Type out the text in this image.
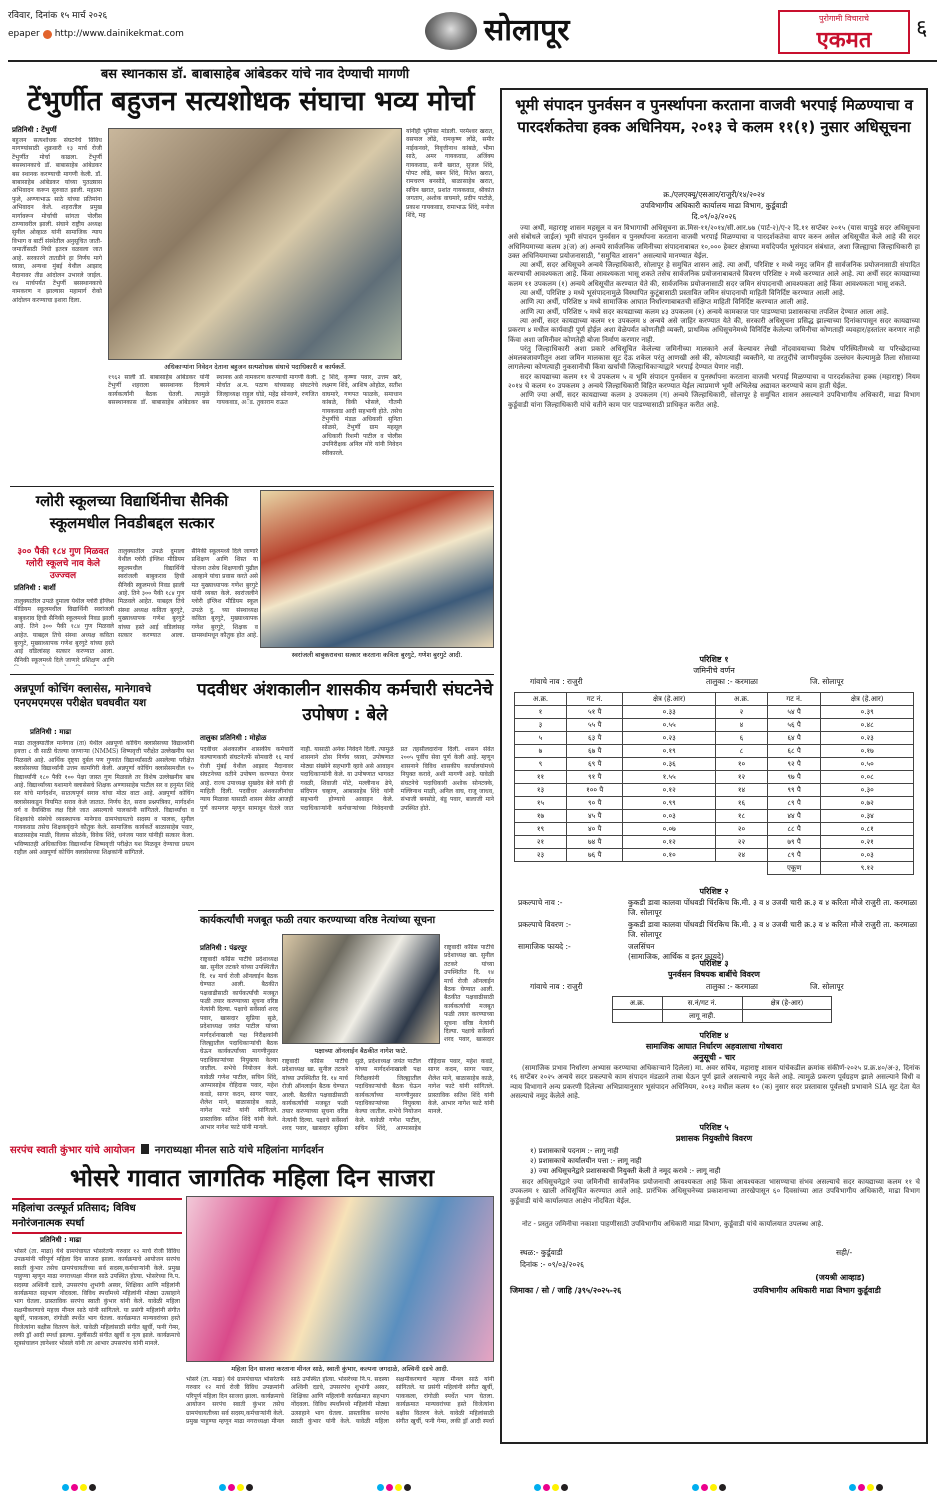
रविवार, दिनांक १५ मार्च २०२६
epaper http://www.dainikekmat.com	सोलापूर	पुरोगामी विचाराचे
एकमत	६
बस स्थानकास डॉ. बाबासाहेब आंबेडकर यांचे नाव देण्याची मागणी
टेंभुर्णीत बहुजन सत्यशोधक संघाचा भव्य मोर्चा
प्रतिनिधी : टेंभुर्णी
बहुजन सत्यशोधक संघटनेचे विविध मागण्यांसाठी शुक्रवारी १३ मार्च रोजी टेंभुर्णीत मोर्चा काढला. टेंभुर्णी बसस्थानकाचे डॉ. बाबासाहेब आंबेडकर बस स्थानक करण्याची मागणी केली. डॉ. बाबासाहेब आंबेडकर यांच्या पुतळ्यास अभिवादन करून सुरुवात झाली. महात्मा फुले, अण्णाभाऊ साठे यांच्या प्रतिमांना अभिवादन केले. शहरातील प्रमुख मार्गावरून मोर्चाची सांगता पोलीस ठाण्यावरील झाली. संघाने राष्ट्रीय अध्यक्ष सुनील ओव्हाळ यांनी सामाजिक न्याय विभाग व बार्टी संस्थेतील अनुसूचित जाती-जमातींसाठी निधी इतरत्र वळवला जात आहे. सरकारने तातडीने हा निर्णय मागे घ्यावा, अन्यथा मुंबई येथील आझाद मैदानावर तीव्र आंदोलन उभारले जाईल. १४ मार्चपर्यंत टेंभुर्णी बसस्थानकाचे नामकरण न झाल्यास महामार्ग रोको आंदोलन करण्याचा इशारा दिला.
अधिकाऱ्यांना निवेदन देताना बहुजन सत्यशोधक संघाचे पदाधिकारी व कार्यकर्ते.
१९६२ साली डॉ. बाबासाहेब आंबेडकर यांनी टेंभुर्णी शहराला बसस्थानक दिल्याने कार्यकर्त्यांनी बैठक घेतली. त्यामुळे बसस्थानकास डॉ. बाबासाहेब आंबेडकर बस स्थानक असे नामकरण करण्याची मागणी केली. मोर्चात अ.म. पठाण यांच्यासह संघटनेचे जिल्हाध्यक्ष राहुल घोडे, महेंद्र सोनवणे, रणजित गायकवाड, अॅड. तुकाराम राऊत
ट्र शिंदे, कृष्णा पवार, उत्तम खरे, लक्ष्मण शिंदे, आशिष ओहोळ, सतीश वाघमारे, गणपत फाळके, समाधान कांबळे, विकी भोसले, गौतमी गायकवाड आदी सहभागी होते. तसेच टेंभुर्णीचे मंडळ अधिकारी सुनिता सोळसे, टेंभुर्णी ग्राम महसूल अधिकारी रिशमी पाटील व पोलीस उपनिरीक्षक अनिल मोरे यांनी निवेदन स्वीकारले.
यांनीही भूमिका मांडली. परमेश्वर खरात, वसपाल लोंढे, रामकृष्ण लोंढे, समीर नाईकनवरे, निवृत्तीनाथ कांबळे, भीमा साठे, अमर गायकवाड, अजिंक्य गायकवाड, सनी खरात, सुजल शिंदे, पोपट लोंढे, बबन शिंदे, नितेश खरात, रामचरण बनसोडे, बाळासाहेब खरात, सचिन खरात, प्रशांत गायकवाड, श्रीकांत जगताप, अशोक वाघमारे, प्रदीप पाटोळे, प्रकाश गायकवाड, रामाभाऊ शिंदे, मनोज शिंदे, मह
ग्लोरी स्कूलच्या विद्यार्थिनीचा सैनिकी स्कूलमधील निवडीबद्दल सत्कार
३०० पैकी १८४ गुण मिळवत ग्लोरी स्कूलचे नाव केले उज्ज्वल
प्रतिनिधी : बार्शी
स्वरांजली बाबुकरावचा सत्कार करताना कविता बुरगुटे, गणेश बुरगुटे आदी.
तालुक्यातील उपळे दुमाला येथील ग्लोरी इंग्लिश मीडियम स्कूलमधील विद्यार्थिनी स्वरांजली बाबुकराव हिची सैनिकी स्कूलमध्ये निवड झाली आहे. तिने ३०० पैकी १८४ गुण मिळवले आहेत. याबद्दल तिचे संस्था अध्यक्ष कविता बुरगुटे, मुख्याध्यापक गणेश बुरगुटे यांच्या हस्ते आई वडिलांसह सत्कार करण्यात आला. सैनिकी स्कूलमध्ये दिले जाणारे प्रशिक्षण आणि शिस्त या योजना तसेच शिक्षणाची पुढील आव्हाने यांचा प्रवास करते असे मत मुख्याध्यापक गणेश बुरगुटे यांनी व्यक्त केले. स्वरांजलीने ग्लोरी इंग्लिश मीडियम स्कूल उपळे दु. च्या संस्थाध्यक्ष कविता बुरगुटे, मुख्याध्यापक गणेश बुरगुटे, शिक्षक व ग्रामस्थांमधून कौतुक होत आहे.
तालुक्यातील उपळे दुमाला येथील ग्लोरी इंग्लिश मीडियम स्कूलमधील विद्यार्थिनी स्वरांजली बाबुकराव हिची सैनिकी स्कूलमध्ये निवड झाली आहे. तिने ३०० पैकी १८४ गुण मिळवले आहेत. याबद्दल तिचे संस्था अध्यक्ष कविता बुरगुटे, मुख्याध्यापक गणेश बुरगुटे यांच्या हस्ते आई वडिलांसह सत्कार करण्यात आला. सैनिकी स्कूलमध्ये दिले जाणारे प्रशिक्षण आणि
अन्नपूर्णा कोचिंग क्लासेस, मानेगावचे एनएमएमएस परीक्षेत घवघवीत यश
प्रतिनिधी : माढा
माढा तालुक्यातील मानेगाव (ता) येथील अन्नपूर्णा कोचिंग क्लासेसच्या विद्यार्थ्यांनी इयत्ता ८ वी साठी घेतल्या जाणाऱ्या (NMMS) शिष्यवृत्ती परीक्षेत उल्लेखनीय यश मिळवले आहे. आर्थिक दृष्ट्या दुर्बल पण गुणवंत विद्यार्थ्यांसाठी असलेल्या परीक्षेत क्लासेसच्या विद्यार्थ्यांनी उत्तम कामगिरी केली. अन्नपूर्णा कोचिंग क्लासेसमधील १० विद्यार्थ्यांनी १८० पैकी १०० पेक्षा जास्त गुण मिळवले तर विशेष उल्लेखनीय बाब आहे. विद्यार्थ्यांच्या यशामागे क्लासेसचे शिक्षक अण्णासाहेब पाटील सर व हनुमंत शिंदे सर यांचे मार्गदर्शन, सातत्यपूर्ण सराव यांचा मोठा वाटा आहे. अन्नपूर्णा कोचिंग क्लासेसकडून नियमित सराव केले जातात. निर्णय देत, सराव प्रश्नपत्रिका, मार्गदर्शन वर्ग व वैयक्तिक लक्ष दिले जात असल्याचे पालकांनी सांगितले. विद्यार्थ्यांचा व शिक्षकांचे संस्थेचे व्यवस्थापक मानेगाव ग्रामपंचायतचे सदस्य व पालक, सुनील गायकवाड तसेच शिक्षकवृंदाने कौतुक केले. सामाजिक कार्यकर्ते बाळासाहेब पवार, बाळासाहेब माळी, विलास सोळंके, विवेक शिंदे, धनंजय पवार यांनीही सत्कार केला. भविष्यातही अधिकाधिक विद्यार्थ्यांना शिष्यवृत्ती परीक्षेत यश मिळवून देण्याचा प्रयत्न राहील असे अन्नपूर्णा कोचिंग क्लासेसच्या शिक्षकांनी सांगितले.
पदवीधर अंशकालीन शासकीय कर्मचारी संघटनेचे उपोषण : बेले
तालुका प्रतिनिधी : मोहोळ
पदवीधर अंशकालीन शासकीय कर्मचारी कल्याणकारी संघटनेतर्फे सोमवारी १६ मार्च रोजी मुंबई येथील आझाद मैदानावर संघटनेच्या वतीने उपोषण करण्यात येणार आहे. राज्य उपाध्यक्ष सुखदेव बेले यांनी ही माहिती दिली. पदवीधर अंशकालीनांचा न्याय मिळावा यासाठी शासन सेवेत आजही पूर्ण कामगार म्हणून सामावून घेतले जात नाही. यासाठी अनेक निवेदने दिली. त्यामुळे शासनाने ठोस निर्णय घ्यावा, उपोषणात मोठ्या संख्येने सहभागी व्हावे असे आवाहन पदाधिकाऱ्यांनी केले. या उपोषणात भागवत गवळी, शिवाजी मोटे, मल्लीनाथ ढेपे, संदिपान चव्हाण, आबासाहेब शिंदे यांनी सहभागी होण्याचे आवाहन केले. पदाधिकाऱ्यांनी कर्मचाऱ्यांच्या निवेदनाची प्रत तहसीलदारांना दिली. शासन सेवेत २००५ पूर्वीच सेवा पूर्ण केली आहे. म्हणून शासनाने विविध शासकीय कार्यालयांमध्ये नियुक्त करावे, अशी मागणी आहे. यावेळी संघटनेचे पदाधिकारी अशोक सोनटक्के, मल्लिनाथ माळी, अनिल वाघ, राजू जाधव, संभाजी बनसोडे, बंडू पवार, बालाजी माने उपस्थित होते.
कार्यकर्त्यांची मजबूत फळी तयार करण्याच्या वरिष्ठ नेत्यांच्या सूचना
प्रतिनिधी : पंढरपूर
राष्ट्रवादी काँग्रेस पार्टीचे प्रदेशाध्यक्ष खा. सुनील तटकरे यांच्या उपस्थितीत दि. १४ मार्च रोजी ऑनलाईन बैठक घेण्यात आली. बैठकीत पक्षवाढीसाठी कार्यकर्त्यांची मजबूत फळी तयार करण्याच्या सूचना वरिष्ठ नेत्यांनी दिल्या. पक्षाचे सर्वेसर्वा शरद पवार, खासदार सुप्रिया सुळे, प्रदेशाध्यक्ष जयंत पाटील यांच्या मार्गदर्शनाखाली पक्ष निरीक्षकांनी जिल्ह्यातील पदाधिकाऱ्यांची बैठक घेऊन कार्यकर्त्यांच्या मागणीनुसार पदाधिकाऱ्यांच्या नियुक्त्या केल्या जातील. सभेचे नियोजन केले. यावेळी गणेश पाटील, सचिन शिंदे, आप्पासाहेब रोहिदास पवार, महेश कवडे, सागर कदम, सागर पवार, शैलेश माने, बाळासाहेब काळे, नागेश फाटे यांनी सांगितले. प्रास्ताविक सतिश शिंदे यांनी केले. आभार नागेश फाटे यांनी मानले.
पक्षाच्या ऑनलाईन बैठकीत नागेश फाटे.
राष्ट्रवादी काँग्रेस पार्टीचे प्रदेशाध्यक्ष खा. सुनील तटकरे यांच्या उपस्थितीत दि. १४ मार्च रोजी ऑनलाईन बैठक घेण्यात आली. बैठकीत पक्षवाढीसाठी कार्यकर्त्यांची मजबूत फळी तयार करण्याच्या सूचना वरिष्ठ नेत्यांनी दिल्या. पक्षाचे सर्वेसर्वा शरद पवार, खासदार
राष्ट्रवादी काँग्रेस पार्टीचे प्रदेशाध्यक्ष खा. सुनील तटकरे यांच्या उपस्थितीत दि. १४ मार्च रोजी ऑनलाईन बैठक घेण्यात आली. बैठकीत पक्षवाढीसाठी कार्यकर्त्यांची मजबूत फळी तयार करण्याच्या सूचना वरिष्ठ नेत्यांनी दिल्या. पक्षाचे सर्वेसर्वा शरद पवार, खासदार सुप्रिया सुळे, प्रदेशाध्यक्ष जयंत पाटील यांच्या मार्गदर्शनाखाली पक्ष निरीक्षकांनी जिल्ह्यातील पदाधिकाऱ्यांची बैठक घेऊन कार्यकर्त्यांच्या मागणीनुसार पदाधिकाऱ्यांच्या नियुक्त्या केल्या जातील. सभेचे नियोजन केले. यावेळी गणेश पाटील, सचिन शिंदे, आप्पासाहेब रोहिदास पवार, महेश कवडे, सागर कदम, सागर पवार, शैलेश माने, बाळासाहेब काळे, नागेश फाटे यांनी सांगितले. प्रास्ताविक सतिश शिंदे यांनी केले. आभार नागेश फाटे यांनी मानले.
सरपंच स्वाती कुंभार यांचे आयोजन नगराध्यक्षा मीनल साठे यांचे महिलांना मार्गदर्शन
भोसरे गावात जागतिक महिला दिन साजरा
महिलांचा उत्स्फूर्त प्रतिसाद; विविध मनोरंजनात्मक स्पर्धा
प्रतिनिधी : माढा
भोसरे (ता. माढा) येथे ग्रामपंचायत भोसरेतर्फे गरुवार १२ मार्च रोजी विविध उपक्रमांनी परिपूर्ण महिला दिन साजरा झाला. कार्यक्रमाचे आयोजन सरपंच स्वाती कुंभार तसेच ग्रामपंचायतीच्या सर्व सदस्य,कर्मचाऱ्यांनी केले. प्रमुख पाहुण्या म्हणून माढा नगराध्यक्षा मीनल साठे उपस्थित होत्या. भोसरेच्या नि.प. सदस्या अश्विनी दडचे, उपसरपंच शुभांगी अस्वर, शिक्षिका आणि महिलांनी कार्यक्रमात सहभाग नोंदवला. विविध स्पर्धांमध्ये महिलांनी मोठ्या उत्साहाने भाग घेतला. प्रास्ताविक सरपंच स्वाती कुंभार यांनी केले. यावेळी महिला सक्षमीकरणाचे महत्त्व मीनल साठे यांनी सांगितले. या प्रसंगी महिलांनी संगीत खुर्ची, पाककला, रांगोळी स्पर्धेत भाग घेतला. कार्यक्रमात मान्यवरांच्या हस्ते विजेत्यांना बक्षीस वितरण केले. यावेळी महिलांसाठी संगीत खुर्ची, फनी गेम्स, लकी ड्रॉ आदी स्पर्धा झाल्या. मुलींसाठी संगीत खुर्ची व नृत्य झाले. कार्यक्रमाचे सूत्रसंचालन ज्ञानेश्वर भोसले यांनी तर आभार उपसरपंच यांनी मानले.
महिला दिन साजरा करताना मीनल साठे, स्वाती कुंभार, कल्पना जगदाळे, अश्विनी दडचे आदी.
भोसरे (ता. माढा) येथे ग्रामपंचायत भोसरेतर्फे गरुवार १२ मार्च रोजी विविध उपक्रमांनी परिपूर्ण महिला दिन साजरा झाला. कार्यक्रमाचे आयोजन सरपंच स्वाती कुंभार तसेच ग्रामपंचायतीच्या सर्व सदस्य,कर्मचाऱ्यांनी केले. प्रमुख पाहुण्या म्हणून माढा नगराध्यक्षा मीनल साठे उपस्थित होत्या. भोसरेच्या नि.प. सदस्या अश्विनी दडचे, उपसरपंच शुभांगी अस्वर, शिक्षिका आणि महिलांनी कार्यक्रमात सहभाग नोंदवला. विविध स्पर्धांमध्ये महिलांनी मोठ्या उत्साहाने भाग घेतला. प्रास्ताविक सरपंच स्वाती कुंभार यांनी केले. यावेळी महिला सक्षमीकरणाचे महत्त्व मीनल साठे यांनी सांगितले. या प्रसंगी महिलांनी संगीत खुर्ची, पाककला, रांगोळी स्पर्धेत भाग घेतला. कार्यक्रमात मान्यवरांच्या हस्ते विजेत्यांना बक्षीस वितरण केले. यावेळी महिलांसाठी संगीत खुर्ची, फनी गेम्स, लकी ड्रॉ आदी स्पर्धा
भूमी संपादन पुनर्वसन व पुनर्स्थापना करताना वाजवी भरपाई मिळण्याचा व पारदर्शकतेचा हक्क अधिनियम, २०१३ चे कलम ११(१) नुसार अधिसूचना
क्र./एलएक्यू/एसआर/राजुरी/१४/२०२४
उपविभागीय अधिकारी कार्यालय माढा विभाग, कुर्डूवाडी
दि.०९/०३/२०२६

ज्या अर्थी, महाराष्ट्र शासन महसूल व वन विभागाची अधिसूचना क्र.मिस-११/२०१४/सी.आर.७७ (पार्ट-२)/ए-२ दि.११ सप्टेंबर २०१५ (यास यापुढे सदर अधिसूचना असे संबोधले जाईल) भूमी संपादन पुनर्वसन व पुनर्स्थापना करताना वाजवी भरपाई मिळण्याचा व पारदर्शकतेचा वापर करुन असेल अधिसूचीत केले आहे की सदर अधिनियमाच्या कलम ३(ज) अ) अन्वये सार्वजनिक जमिनीच्या संपादनाबाबत १०,००० हेक्टर क्षेत्राच्या मर्यादेपर्यंत भूसंपादन संबंधात, अशा जिल्ह्याचा जिल्हाधिकारी हा उक्त अधिनियमाच्या प्रयोजनासाठी, "समुचित शासन" असल्याचे मानण्यात येईल.

त्या अर्थी, सदर अधिसूचने अन्वये जिल्हाधिकारी, सोलापूर हे समुचित शासन आहे. त्या अर्थी, परिशिष्ट १ मध्ये नमूद जमिन ही सार्वजनिक प्रयोजनासाठी संपादित करण्याची आवश्यकता आहे. किंवा आवश्यकता भासू शकते तसेच सार्वजनिक प्रयोजनाबाबतचे विवरण परिशिष्ट २ मध्ये करण्यात आले आहे. त्या अर्थी सदर कायद्याच्या कलम ११ उपकलम (१) अन्वये अधिसूचीत करण्यात येते की, सार्वजनिक प्रयोजनासाठी सदर जमिन संपादनाची आवश्यकता आहे किंवा आवश्यकता भासू शकते.

त्या अर्थी, परिशिष्ट ३ मध्ये भूसंपादनामुळे विस्थापित कुटूंबासाठी प्रस्तावित जमिन संपादनाची माहिती विनिर्दिष्ट करण्यात आली आहे.

आणि त्या अर्थी, परिशिष्ट ४ मध्ये सामाजिक आघात निर्धारणाबाबतची संक्षिप्त माहिती विनिर्दिष्ट करण्यात आली आहे.

आणि त्या अर्थी, परिशिष्ट ५ मध्ये सदर कायद्याच्या कलम ४३ उपकलम (१) अन्वये कामकाज पार पाडण्याचा प्रशासकाचा तपशिल देण्यात आला आहे.

त्या अर्थी, सदर कायद्याच्या कलम ११ उपकलम ४ अन्वये असे जाहिर करण्यात येते की, सरकारी अधिसूचना प्रसिद्ध झाल्याच्या दिनांकापासून सदर कायद्याच्या प्रकरण ४ मधील कार्यवाही पूर्ण होईल अशा वेळेपर्यंत कोणतीही व्यक्ती, प्राथमिक अधिसूचनेमध्ये विनिर्दिष्ट केलेल्या जमिनीचा कोणताही व्यवहार/हस्तांतर करणार नाही किंवा अशा जमिनीवर कोणतेही बोजा निर्माण करणार नाही.

परंतु जिल्हाधिकारी अशा प्रकारे अधिसूचित केलेल्या जमिनीच्या मालकाने अर्ज केल्यावर लेखी नोंदवावयाच्या विशेष परिस्थितीमध्ये या परिच्छेदाच्या अंमलबजावणीतून अशा जमिन मालकास सूट देऊ शकेल परंतु आणखी असे की, कोणत्याही व्यक्तीने, या तरतुदींचे जाणीवपूर्वक उल्लंघन केल्यामुळे तिला सोसाव्या लागलेल्या कोणत्याही नुकसानीची किंवा खर्चाची जिल्हाधिकाऱ्याद्वारे भरपाई देण्यात येणार नाही.

सदर कायद्याच्या कलम ११ चे उपकलम ५ व भूमि संपादन पुनर्वसन व पुनर्स्थापना करताना वाजवी भरपाई मिळण्याचा व पारदर्शकतेचा हक्क (महाराष्ट्र) नियम २०१४ चे कलम १० उपकलम ३ अन्वये जिल्हाधिकारी विहित करण्यात येईल त्याप्रमाणे भूमी अभिलेख अद्यावत करण्याचे काम हाती घेईल.

आणि ज्या अर्थी, सदर कायद्याच्या कलम ३ उपकलम (ग) अन्वये जिल्हाधिकारी, सोलापूर हे समुचित शासन असल्याने उपविभागीय अधिकारी, माढा विभाग कुर्डूवाडी यांना जिल्हाधिकारी यांचे वतीने काम पार पाडण्यासाठी प्राधिकृत करीत आहे.

परिशिष्ट १
जमिनीचे वर्णन
गांवाचे नाव : राजुरी	तालुका :- करमाळा	जि. सोलापूर
अ.क्र.	गट नं.	क्षेत्र (हे.आर)	अ.क्र.	गट नं.	क्षेत्र (हे.आर)
१	५१ पै	०.३३	२	५४ पै	०.३९
३	५५ पै	०.५५	४	५६ पै	०.४८
५	६३ पै	०.२३	६	६४ पै	०.२३
७	६७ पै	०.१९	८	६८ पै	०.१७
९	६९ पै	०.३६	१०	९२ पै	०.५०
११	९१ पै	१.५५	१२	९७ पै	०.०८
१३	१०० पै	०.१२	१४	९९ पै	०.३०
१५	९० पै	०.९९	१६	८९ पै	०.७२
१७	४५ पै	०.०३	१८	४४ पै	०.३४
१९	४० पै	०.०७	२०	८८ पै	०.८१
२१	७४ पै	०.१२	२२	७९ पै	०.२१
२३	७६ पै	०.१०	२४	८९ पै	०.०३
				एकूण	९.१२
परिशिष्ट २
प्रकल्पाचे नाव :-	कुकडी डावा कालवा पोंधवडी चिंरकिच कि.मी. ३ व ४ उजवी चारी क्र.३ व ४ करिता मौजे राजुरी ता. करमाळा जि. सोलापूर
प्रकल्पाचे विवरण :-	कुकडी डावा कालवा पोंधवडी चिंरकिच कि.मी. ३ व ४ उजवी चारी क्र.३ व ४ करिता मौजे राजुरी ता. करमाळा जि. सोलापूर
सामाजिक फायदे :-	जलसिंचन
(सामाजिक, आर्थिक व इतर फायदे)
परिशिष्ट ३
पुनर्वसन विषयक बाबींचे विवरण
गांवाचे नाव : राजुरी	तालुका :- करमाळा	जि. सोलापूर
अ.क्र.	स.नं/गट नं.	क्षेत्र (हे-आर)
	लागू नाही.	
परिशिष्ट ४
सामाजिक आघात निर्धारण अहवालाचा गोषवारा
अनुसूची - चार
(सामाजिक प्रभाव निर्धारण अभ्यास करण्याचा अधिकाऱ्याने दिलेला) मा. अवर सचिव, महाराष्ट्र शासन यांचेकडील क्रमांक संकीर्ण-२०२५ प्र.क्र.४०/अ-३, दिनांक १६ सप्टेंबर २०२५ अन्वये सदर प्रकल्पाचे काम संपादन मंडळाने ताबा घेऊन पूर्ण झाले असल्याचे नमूद केले आहे. त्यामुळे प्रकरण पूर्वग्रहण झाले असल्याने विधी व न्याय विभागाने अन्य प्रकरणी दिलेल्या अभिप्रायानुसार भूसंपादन अधिनियम, २०१३ मधील कलम १० (क) नुसार सदर प्रस्तावास पूर्वलक्षी प्रभावाने SIA सूट देता येत असल्याचे नमूद केलेले आहे.
परिशिष्ट ५
प्रशासक नियुक्तीचे विवरण
१) प्रशासकाचे पदनाम :- लागू नाही
२) प्रशासकाचे कार्यालयीन पत्ता :- लागू नाही
३) ज्या अधिसूचनेद्वारे प्रशासकाची नियुक्ती केली ते नमूद करावे :- लागू नाही
सदर अधिसूचनेद्वारे ज्या जमिनीची सार्वजनिक प्रयोजनाची आवश्यकता आहे किंवा आवश्यकता भासण्याचा संभव असल्याचे सदर कायद्याच्या कलम ११ चे उपकलम १ खाली अधिसूचित करण्यात आले आहे. प्रारंभिक अधिसूचनेच्या प्रकाशनाच्या तारखेपासून ६० दिवसांच्या आत उपविभागीय अधिकारी, माढा विभाग कुर्डूवाडी यांचे कार्यालयात आक्षेप नोंदविता येईल.
नोट - प्रस्तुत जमिनीचा नकाशा पाहणीसाठी उपविभागीय अधिकारी माढा विभाग, कुर्डूवाडी यांचे कार्यालयात उपलब्ध आहे.
स्थळ:- कुर्डूवाडी
दिनांक :- ०९/०३/२०२६
सही/-
(जयश्री आव्हाड)
जिमाका / सो / जाहि /३९५/२०२५-२६	उपविभागीय अधिकारी माढा विभाग कुर्डूवाडी
